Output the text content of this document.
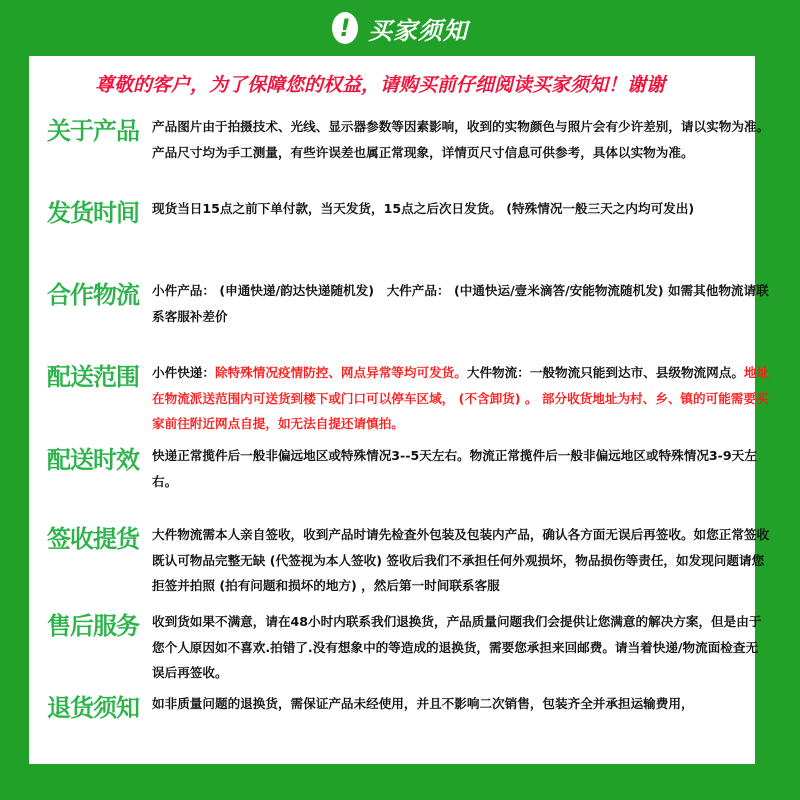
! 买家须知
尊敬的客户，为了保障您的权益，请购买前仔细阅读买家须知！谢谢
关于产品 产品图片由于拍摄技术、光线、显示器参数等因素影响，收到的实物颜色与照片会有少许差别，请以实物为准。产品尺寸均为手工测量，有些许误差也属正常现象，详情页尺寸信息可供参考，具体以实物为准。
发货时间 现货当日15点之前下单付款，当天发货，15点之后次日发货。 (特殊情况一般三天之内均可发出)
合作物流 小件产品： (申通快递/韵达快递随机发)　大件产品： (中通快运/壹米滴答/安能物流随机发) 如需其他物流请联系客服补差价
配送范围 小件快递：除特殊情况疫情防控、网点异常等均可发货。大件物流：一般物流只能到达市、县级物流网点。地址在物流派送范围内可送货到楼下或门口可以停车区域， (不含卸货) 。 部分收货地址为村、乡、镇的可能需要买家前往附近网点自提，如无法自提还请慎拍。
配送时效 快递正常揽件后一般非偏远地区或特殊情况3--5天左右。物流正常揽件后一般非偏远地区或特殊情况3-9天左右。
签收提货 大件物流需本人亲自签收，收到产品时请先检查外包装及包装内产品，确认各方面无误后再签收。如您正常签收既认可物品完整无缺 (代签视为本人签收) 签收后我们不承担任何外观损坏，物品损伤等责任，如发现问题请您拒签并拍照 (拍有问题和损坏的地方) ，然后第一时间联系客服
售后服务 收到货如果不满意，请在48小时内联系我们退换货，产品质量问题我们会提供让您满意的解决方案，但是由于您个人原因如不喜欢.拍错了.没有想象中的等造成的退换货，需要您承担来回邮费。请当着快递/物流面检查无误后再签收。
退货须知 如非质量问题的退换货，需保证产品未经使用，并且不影响二次销售，包装齐全并承担运输费用，
